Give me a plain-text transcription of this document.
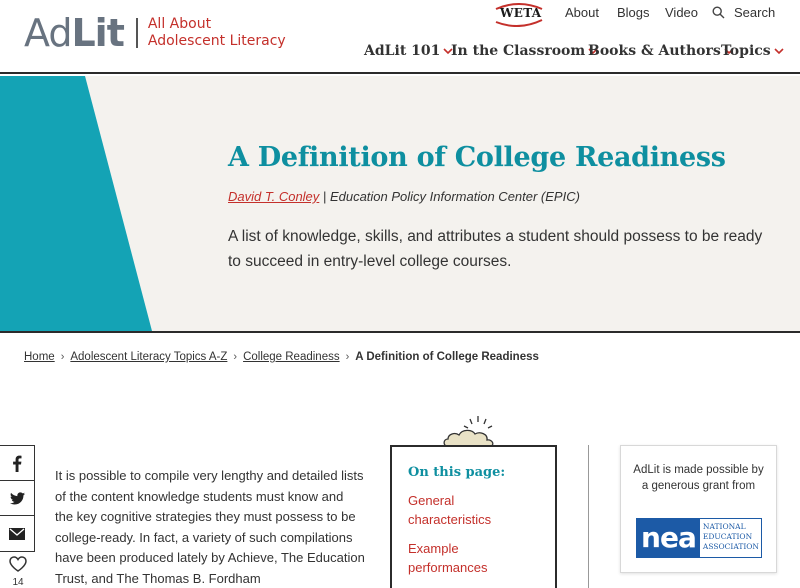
AdLit All About
Adolescent Literacy
WETA About Blogs Video	Search
AdLit 101 In the Classroom Books & Authors Topics
A Definition of College Readiness
David T. Conley | Education Policy Information Center (EPIC)

A list of knowledge, skills, and attributes a student should possess to be ready to succeed in entry-level college courses.

Home › Adolescent Literacy Topics A-Z › College Readiness › A Definition of College Readiness
14

It is possible to compile very lengthy and detailed lists of the content knowledge students must know and the key cognitive strategies they must possess to be college-ready. In fact, a variety of such compilations have been produced lately by Achieve, The Education Trust, and The Thomas B. Fordham

On this page:
General characteristics
Example performances

AdLit is made possible by a generous grant from

nea NATIONAL
EDUCATION
ASSOCIATION
